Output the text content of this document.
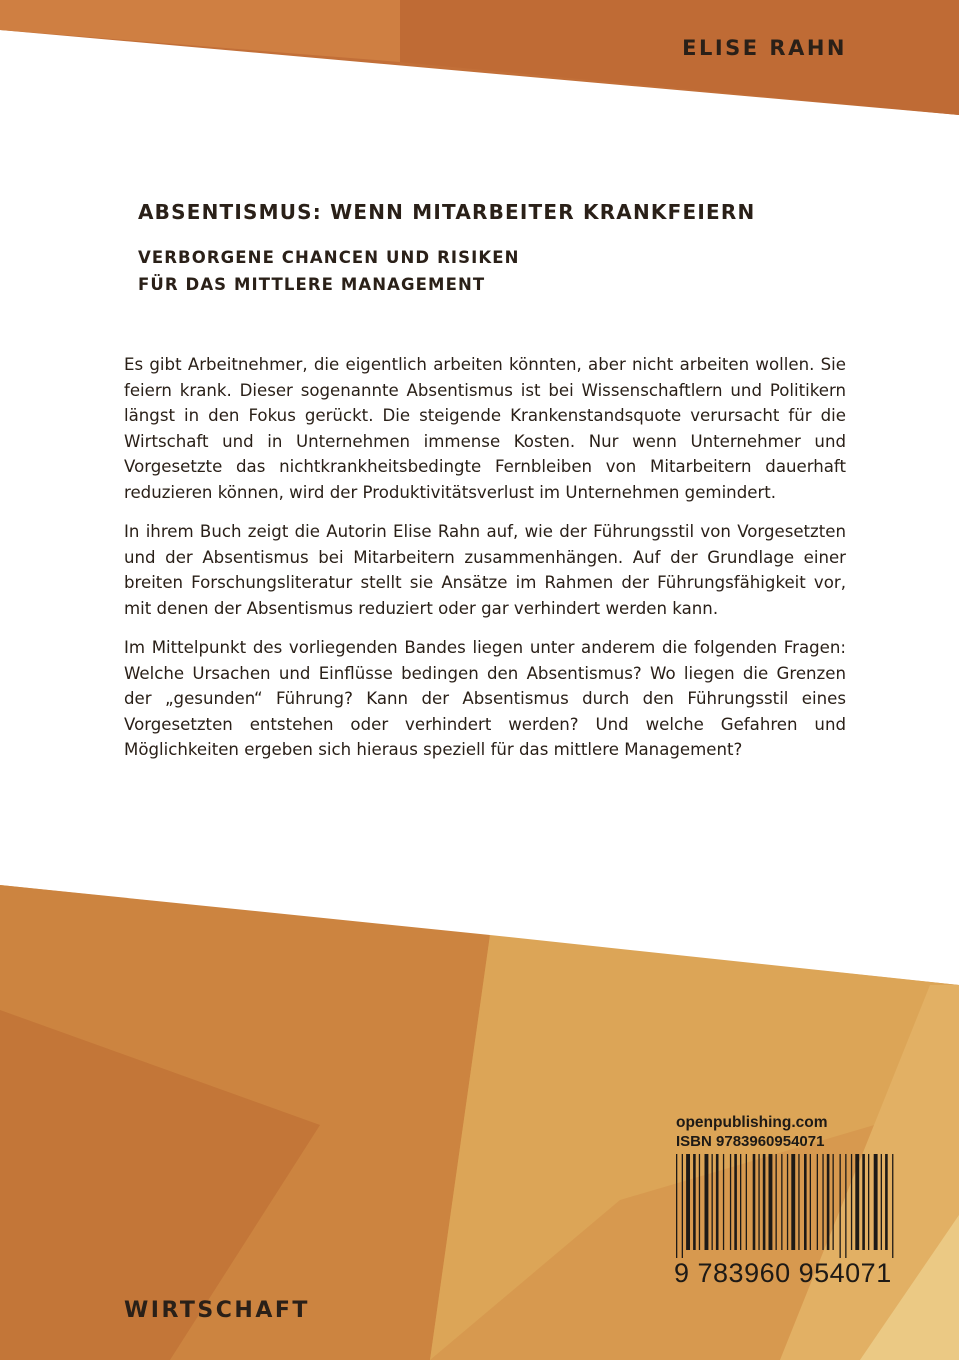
ELISE RAHN
ABSENTISMUS: WENN MITARBEITER KRANKFEIERN
VERBORGENE CHANCEN UND RISIKEN
FÜR DAS MITTLERE MANAGEMENT

Es gibt Arbeitnehmer, die eigentlich arbeiten könnten, aber nicht arbeiten wollen. Sie feiern krank. Dieser sogenannte Absentismus ist bei Wissenschaftlern und Politikern längst in den Fokus gerückt. Die steigende Krankenstandsquote verursacht für die Wirtschaft und in Unternehmen immense Kosten. Nur wenn Unternehmer und Vorgesetzte das nichtkrankheitsbedingte Fernbleiben von Mitarbeitern dauerhaft reduzieren können, wird der Produktivitätsverlust im Unternehmen gemindert.

In ihrem Buch zeigt die Autorin Elise Rahn auf, wie der Führungsstil von Vorgesetzten und der Absentismus bei Mitarbeitern zusammenhängen. Auf der Grundlage einer breiten Forschungsliteratur stellt sie Ansätze im Rahmen der Führungsfähigkeit vor, mit denen der Absentismus reduziert oder gar verhindert werden kann.

Im Mittelpunkt des vorliegenden Bandes liegen unter anderem die folgenden Fragen: Welche Ursachen und Einflüsse bedingen den Absentismus? Wo liegen die Grenzen der „gesunden“ Führung? Kann der Absentismus durch den Führungsstil eines Vorgesetzten entstehen oder verhindert werden? Und welche Gefahren und Möglichkeiten ergeben sich hieraus speziell für das mittlere Management?

openpublishing.com
ISBN 9783960954071
9 783960 954071
WIRTSCHAFT
